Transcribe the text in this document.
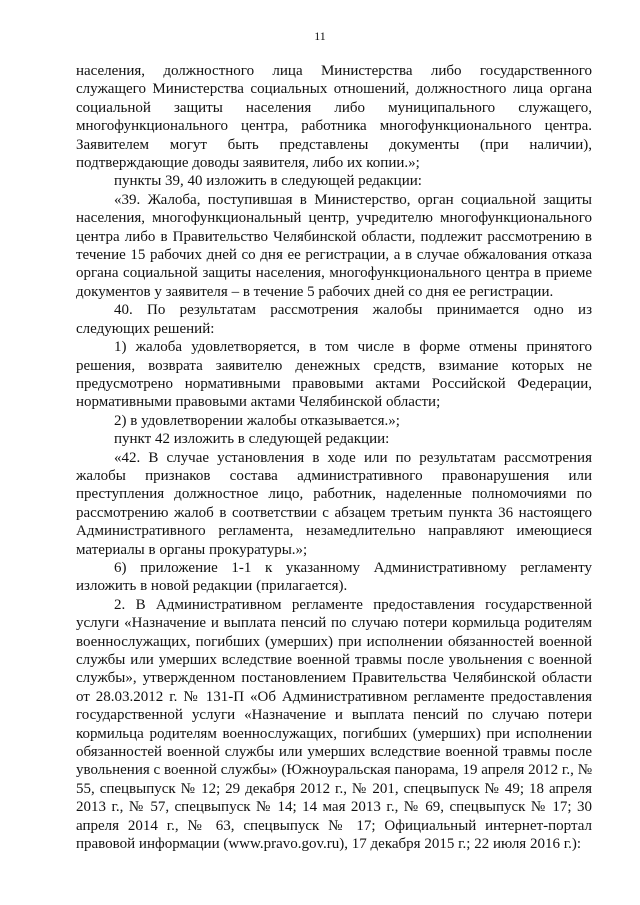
11

населения, должностного лица Министерства либо государственного служащего Министерства социальных отношений, должностного лица органа социальной защиты населения либо муниципального служащего, многофункционального центра, работника многофункционального центра. Заявителем могут быть представлены документы (при наличии), подтверждающие доводы заявителя, либо их копии.»;

пункты 39, 40 изложить в следующей редакции:

«39. Жалоба, поступившая в Министерство, орган социальной защиты населения, многофункциональный центр, учредителю многофункционального центра либо в Правительство Челябинской области, подлежит рассмотрению в течение 15 рабочих дней со дня ее регистрации, а в случае обжалования отказа органа социальной защиты населения, многофункционального центра в приеме документов у заявителя – в течение 5 рабочих дней со дня ее регистрации.

40. По результатам рассмотрения жалобы принимается одно из следующих решений:

1) жалоба удовлетворяется, в том числе в форме отмены принятого решения, возврата заявителю денежных средств, взимание которых не предусмотрено нормативными правовыми актами Российской Федерации, нормативными правовыми актами Челябинской области;

2) в удовлетворении жалобы отказывается.»;

пункт 42 изложить в следующей редакции:

«42. В случае установления в ходе или по результатам рассмотрения жалобы признаков состава административного правонарушения или преступления должностное лицо, работник, наделенные полномочиями по рассмотрению жалоб в соответствии с абзацем третьим пункта 36 настоящего Административного регламента, незамедлительно направляют имеющиеся материалы в органы прокуратуры.»;

6) приложение 1-1 к указанному Административному регламенту изложить в новой редакции (прилагается).

2. В Административном регламенте предоставления государственной услуги «Назначение и выплата пенсий по случаю потери кормильца родителям военнослужащих, погибших (умерших) при исполнении обязанностей военной службы или умерших вследствие военной травмы после увольнения с военной службы», утвержденном постановлением Правительства Челябинской области от 28.03.2012 г. № 131-П «Об Административном регламенте предоставления государственной услуги «Назначение и выплата пенсий по случаю потери кормильца родителям военнослужащих, погибших (умерших) при исполнении обязанностей военной службы или умерших вследствие военной травмы после увольнения с военной службы» (Южноуральская панорама, 19 апреля 2012 г., № 55, спецвыпуск № 12; 29 декабря 2012 г., № 201, спецвыпуск № 49; 18 апреля 2013 г., № 57, спецвыпуск № 14; 14 мая 2013 г., № 69, спецвыпуск № 17; 30 апреля 2014 г., № 63, спецвыпуск № 17; Официальный интернет-портал правовой информации (www.pravo.gov.ru), 17 декабря 2015 г.; 22 июля 2016 г.):
